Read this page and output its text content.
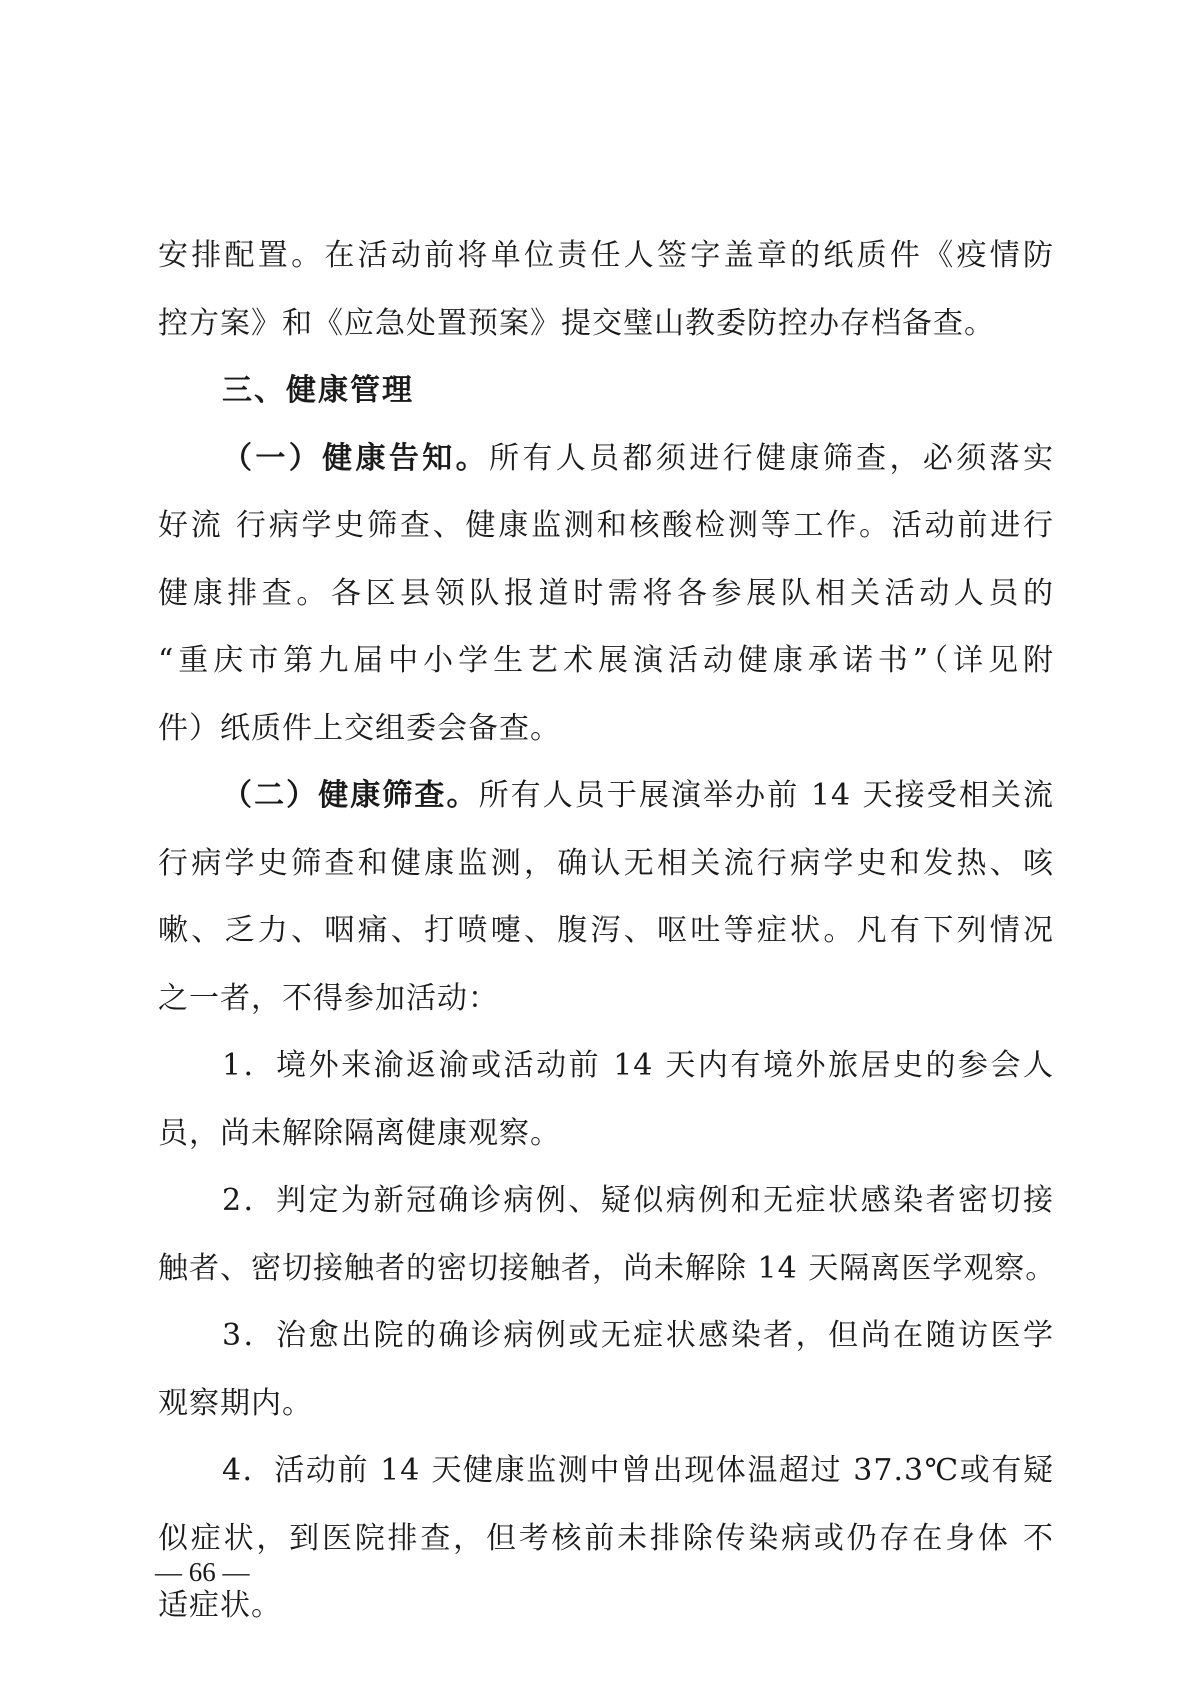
安排配置。在活动前将单位责任人签字盖章的纸质件《疫情防
控方案》和《应急处置预案》提交璧山教委防控办存档备查。
三、健康管理
（一）健康告知。所有人员都须进行健康筛查，必须落实
好流 行病学史筛查、健康监测和核酸检测等工作。活动前进行
健康排查。各区县领队报道时需将各参展队相关活动人员的
“重庆市第九届中小学生艺术展演活动健康承诺书”（详见附
件）纸质件上交组委会备查。
（二）健康筛查。所有人员于展演举办前 14 天接受相关流
行病学史筛查和健康监测，确认无相关流行病学史和发热、咳
嗽、乏力、咽痛、打喷嚏、腹泻、呕吐等症状。凡有下列情况
之一者，不得参加活动：
1．境外来渝返渝或活动前 14 天内有境外旅居史的参会人
员，尚未解除隔离健康观察。
2．判定为新冠确诊病例、疑似病例和无症状感染者密切接
触者、密切接触者的密切接触者，尚未解除 14 天隔离医学观察。
3．治愈出院的确诊病例或无症状感染者，但尚在随访医学
观察期内。
4．活动前 14 天健康监测中曾出现体温超过 37.3℃或有疑
似症状，到医院排查，但考核前未排除传染病或仍存在身体 不
适症状。
— 66 —
